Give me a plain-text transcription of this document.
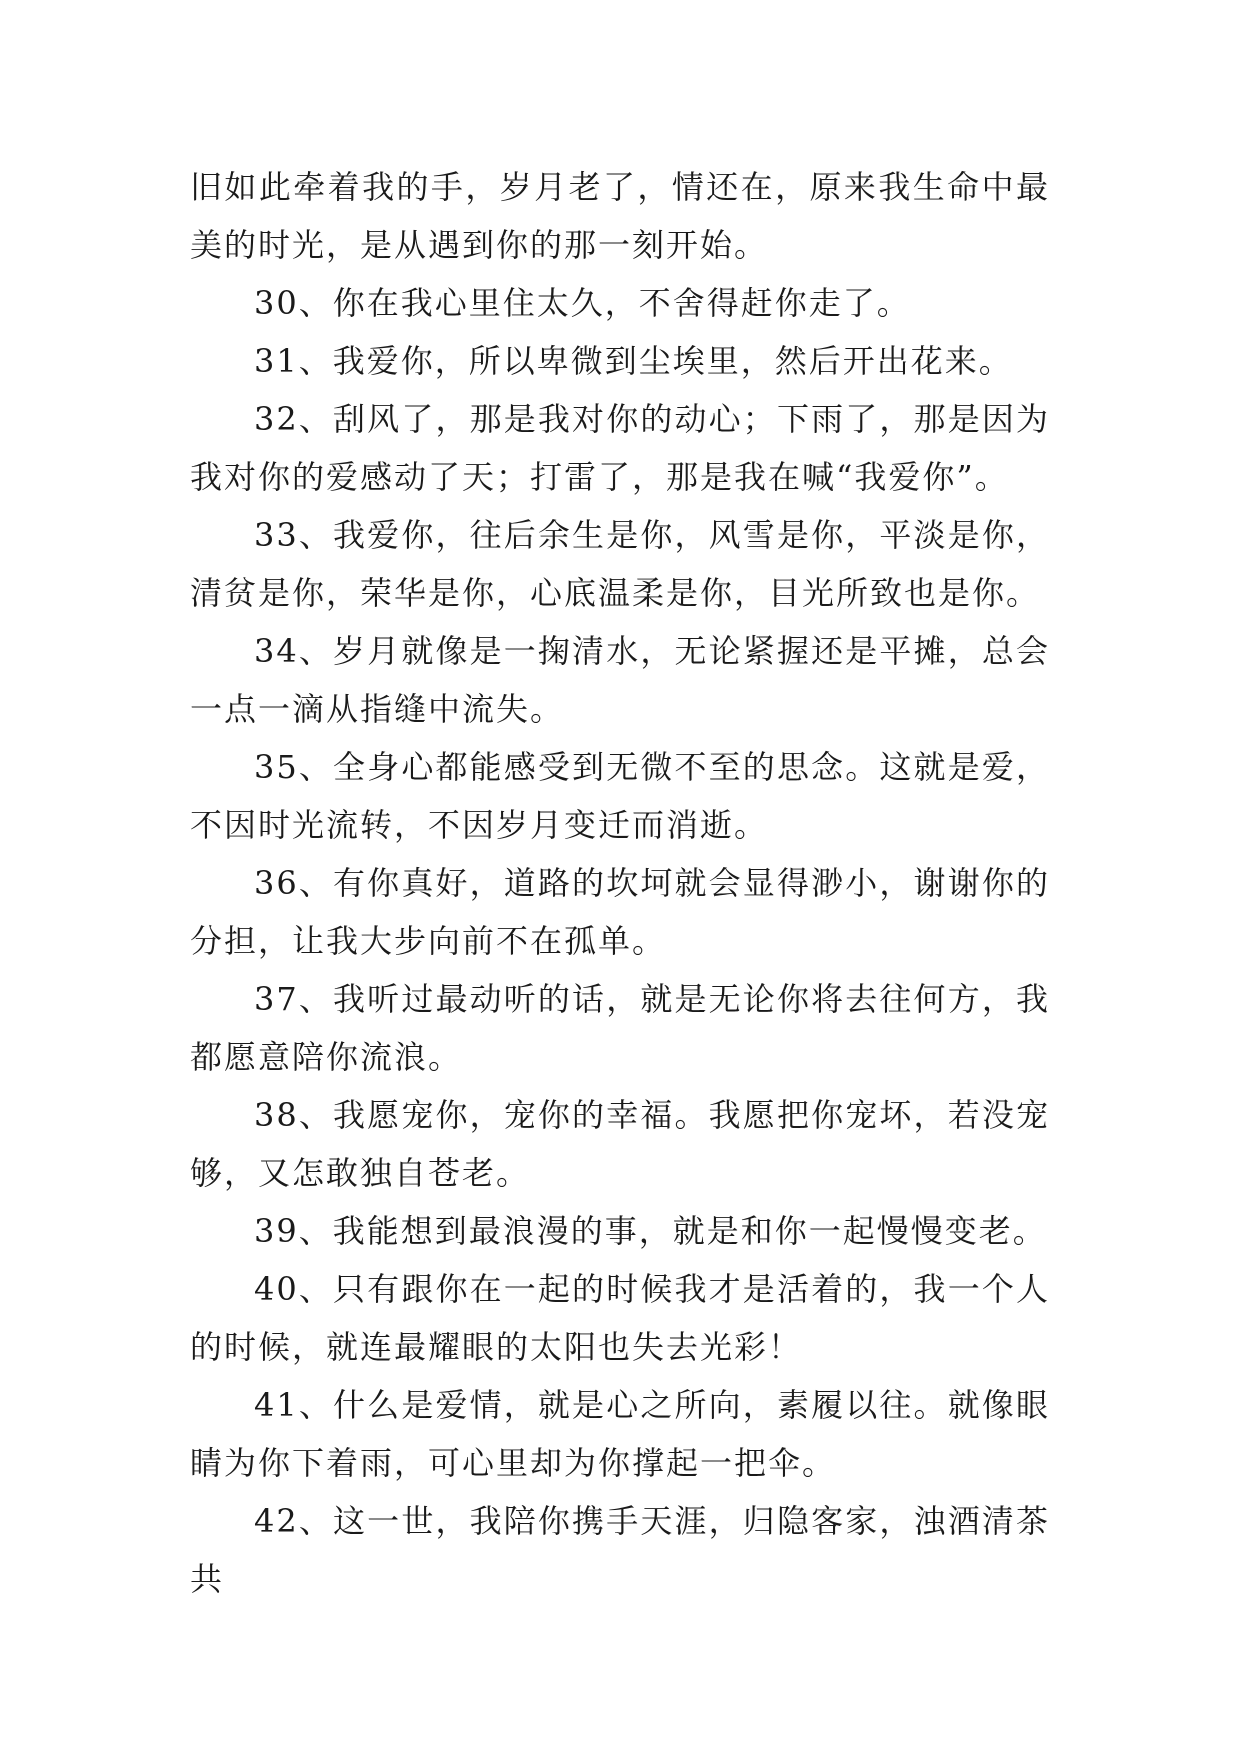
旧如此牵着我的手，岁月老了，情还在，原来我生命中最美的时光，是从遇到你的那一刻开始。

30、你在我心里住太久，不舍得赶你走了。

31、我爱你，所以卑微到尘埃里，然后开出花来。

32、刮风了，那是我对你的动心；下雨了，那是因为我对你的爱感动了天；打雷了，那是我在喊“我爱你”。

33、我爱你，往后余生是你，风雪是你，平淡是你，清贫是你，荣华是你，心底温柔是你，目光所致也是你。

34、岁月就像是一掬清水，无论紧握还是平摊，总会一点一滴从指缝中流失。

35、全身心都能感受到无微不至的思念。这就是爱，不因时光流转，不因岁月变迁而消逝。

36、有你真好，道路的坎坷就会显得渺小，谢谢你的分担，让我大步向前不在孤单。

37、我听过最动听的话，就是无论你将去往何方，我都愿意陪你流浪。

38、我愿宠你，宠你的幸福。我愿把你宠坏，若没宠够，又怎敢独自苍老。

39、我能想到最浪漫的事，就是和你一起慢慢变老。

40、只有跟你在一起的时候我才是活着的，我一个人的时候，就连最耀眼的太阳也失去光彩！

41、什么是爱情，就是心之所向，素履以往。就像眼睛为你下着雨，可心里却为你撑起一把伞。

42、这一世，我陪你携手天涯，归隐客家，浊酒清茶共
